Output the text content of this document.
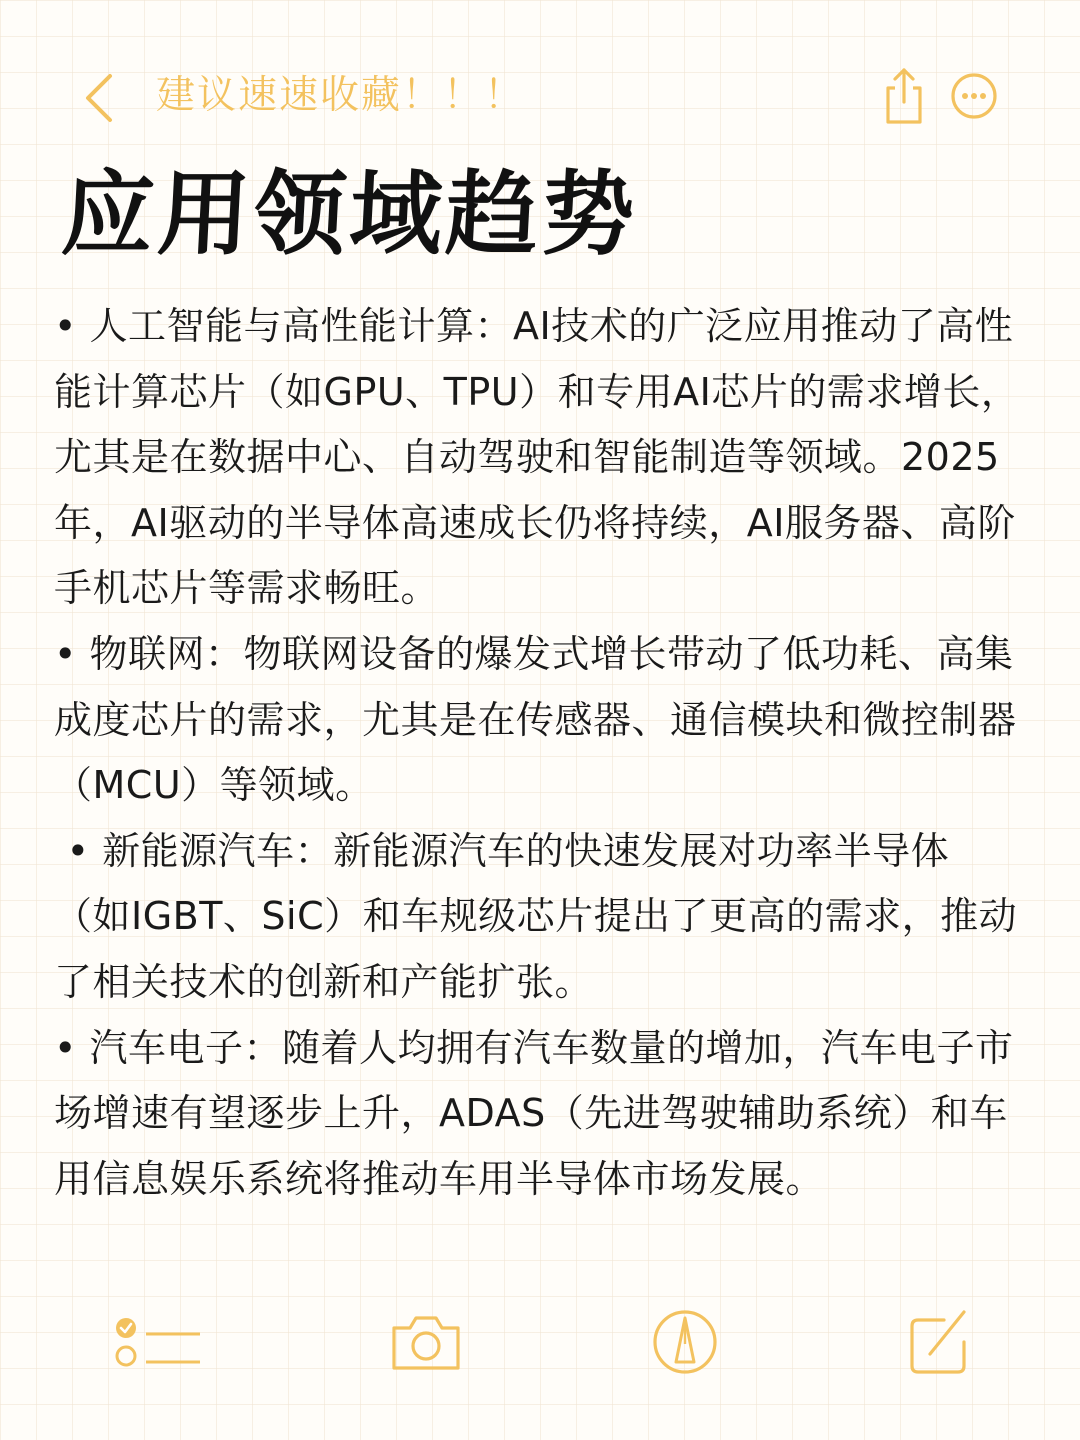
建议速速收藏！！！
应用领域趋势

• 人工智能与高性能计算：AI技术的广泛应用推动了高性能计算芯片（如GPU、TPU）和专用AI芯片的需求增长，尤其是在数据中心、自动驾驶和智能制造等领域。2025年，AI驱动的半导体高速成长仍将持续，AI服务器、高阶手机芯片等需求畅旺。

• 物联网：物联网设备的爆发式增长带动了低功耗、高集成度芯片的需求，尤其是在传感器、通信模块和微控制器（MCU）等领域。

• 新能源汽车：新能源汽车的快速发展对功率半导体（如IGBT、SiC）和车规级芯片提出了更高的需求，推动了相关技术的创新和产能扩张。

• 汽车电子：随着人均拥有汽车数量的增加，汽车电子市场增速有望逐步上升，ADAS（先进驾驶辅助系统）和车用信息娱乐系统将推动车用半导体市场发展。
